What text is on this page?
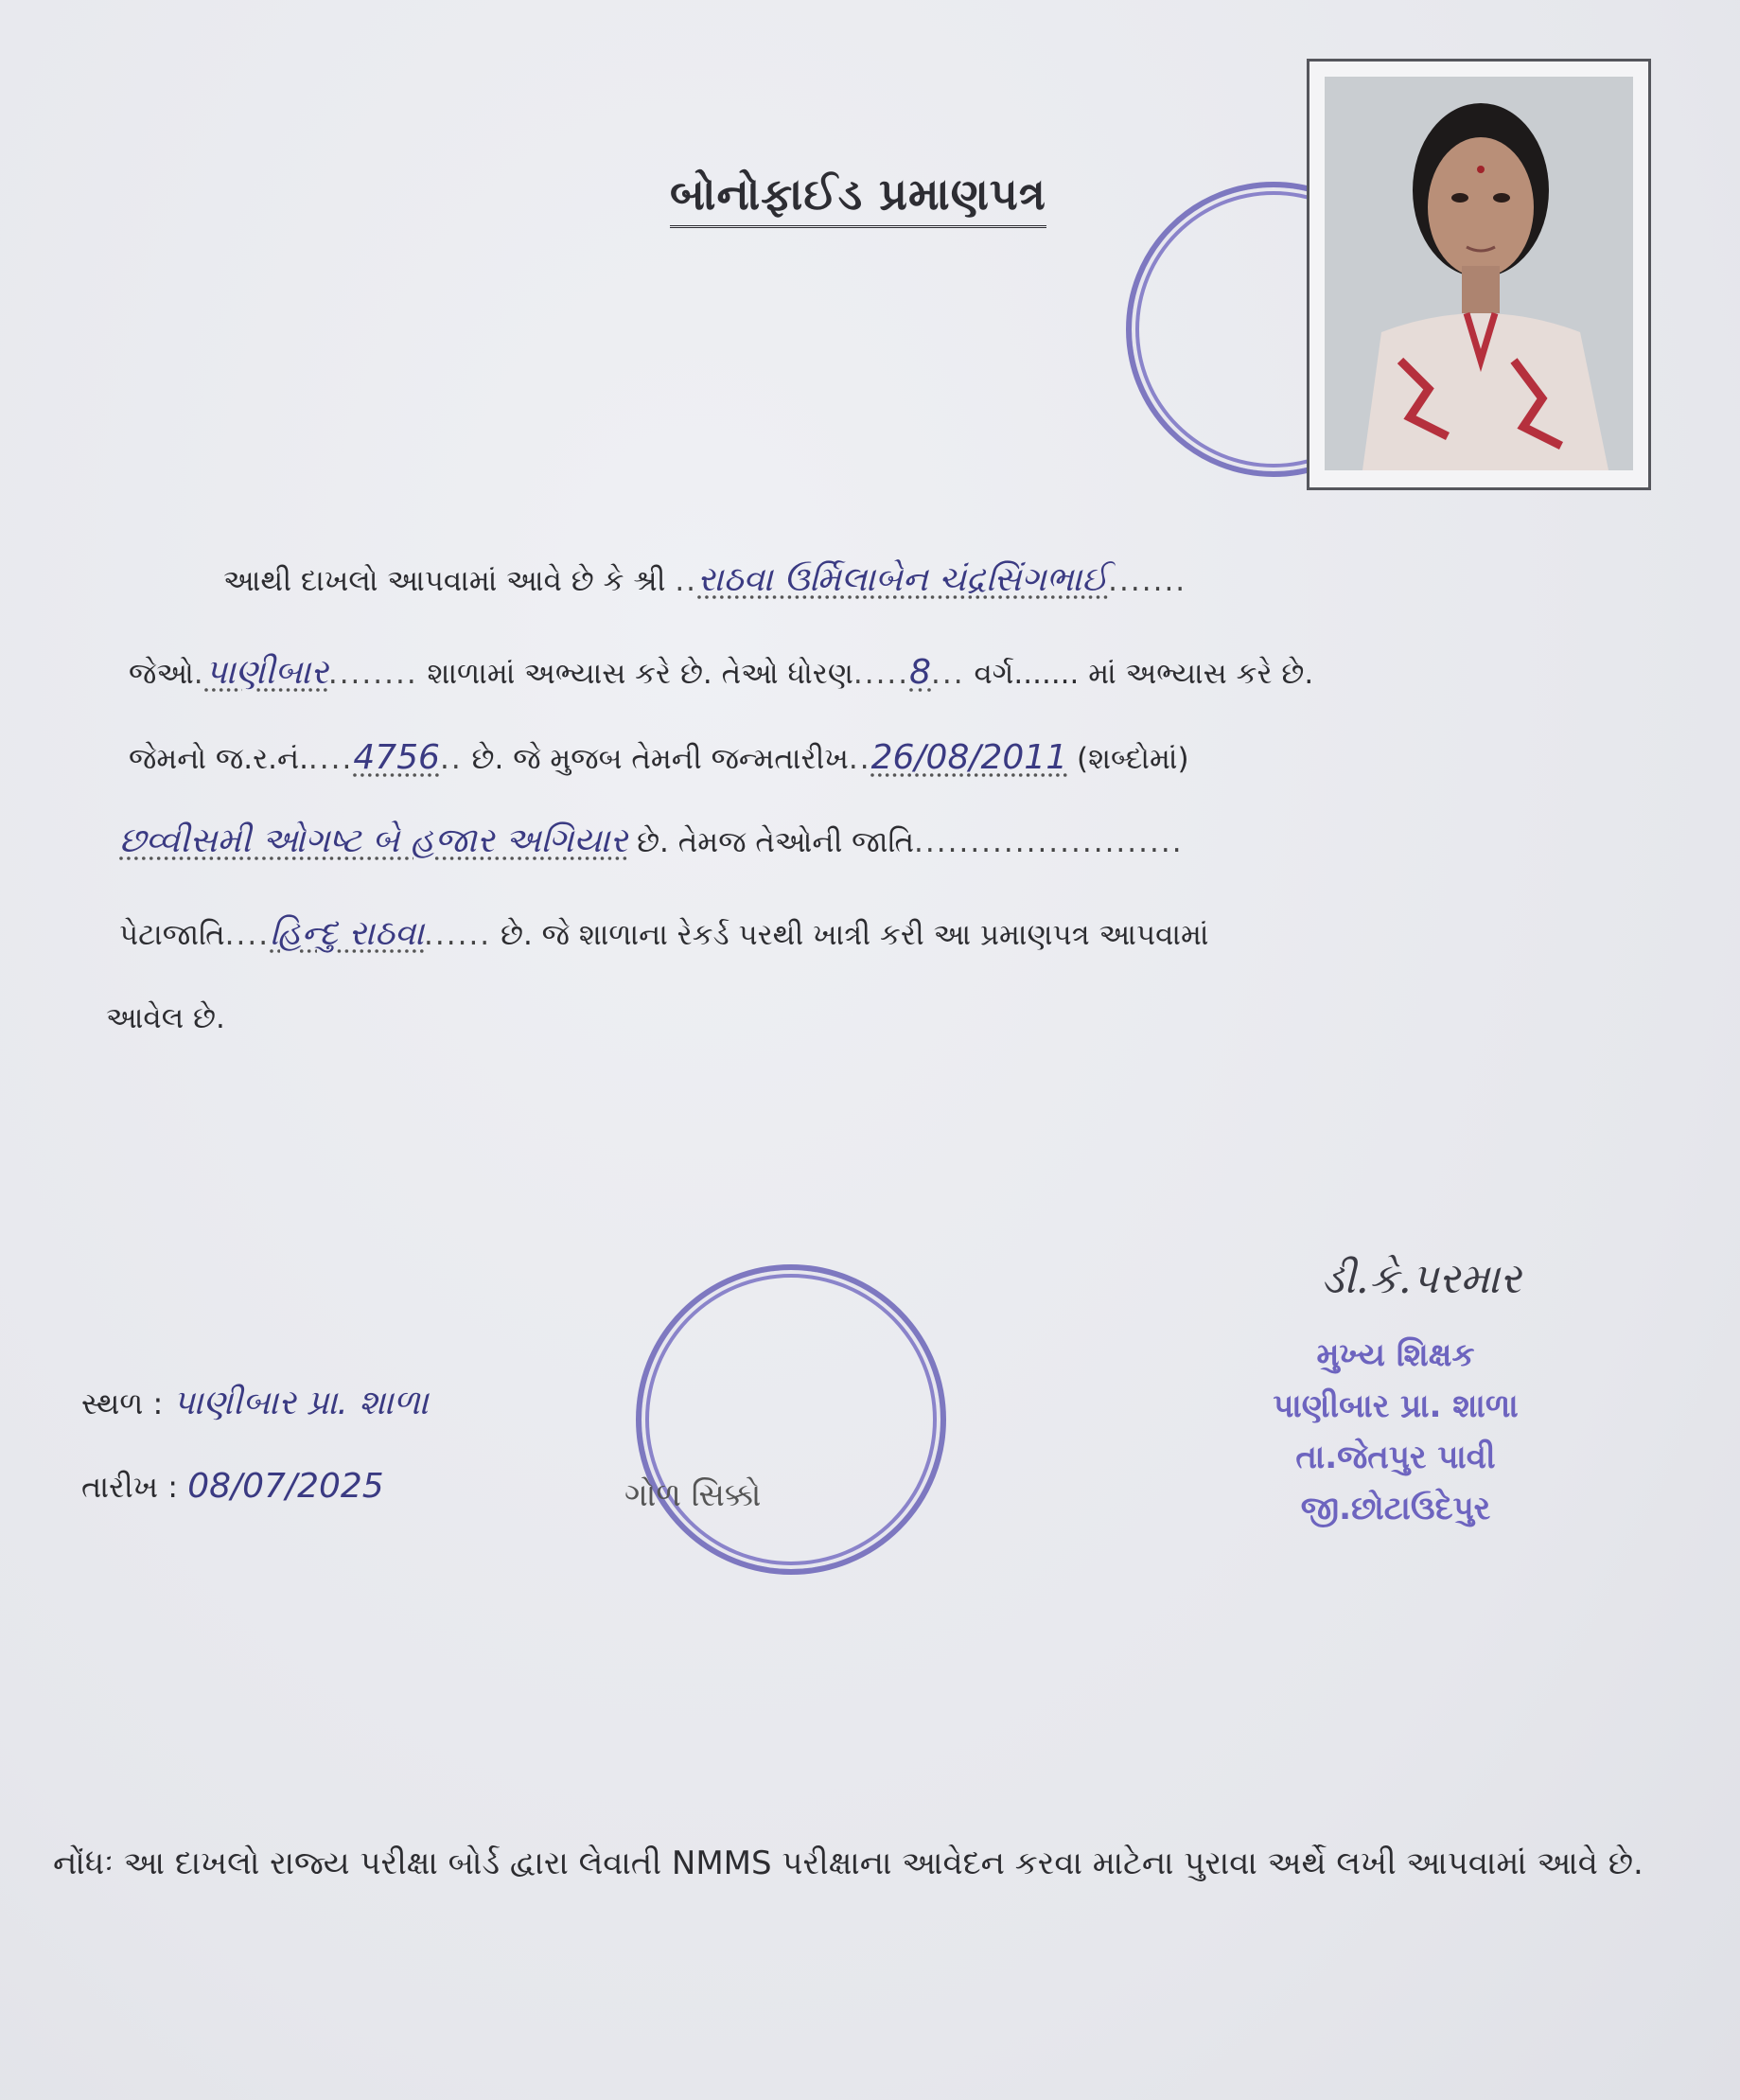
બોનોફાઈડ પ્રમાણપત્ર
આથી દાખલો આપવામાં આવે છે કે શ્રી ..રાઠવા ઉર્મિલાબેન ચંદ્રસિંગભાઈ.......
જેઓ.પાણીબાર........ શાળામાં અભ્યાસ કરે છે. તેઓ ધોરણ.....8... વર્ગ....... માં અભ્યાસ કરે છે.
જેમનો જ.ર.નં.....4756.. છે. જે મુજબ તેમની જન્મતારીખ..26/08/2011 (શબ્દોમાં)
છવ્વીસમી ઓગષ્ટ બે હજાર અગિયાર છે. તેમજ તેઓની જાતિ........................
પેટાજાતિ....હિન્દુ રાઠવા...... છે. જે શાળાના રેકર્ડ પરથી ખાત્રી કરી આ પ્રમાણપત્ર આપવામાં
આવેલ છે.
સ્થળ : પાણીબાર પ્રા. શાળા
તારીખ : 08/07/2025	ગોળ સિક્કો
ડી.કે.પરમાર
મુખ્ય શિક્ષક
પાણીબાર પ્રા. શાળા
તા.જેતપુર પાવી
જી.છોટાઉદેપુર
નોંધઃ આ દાખલો રાજ્ય પરીક્ષા બોર્ડ દ્વારા લેવાતી NMMS પરીક્ષાના આવેદન કરવા માટેના પુરાવા અર્થે લખી આપવામાં આવે છે.
